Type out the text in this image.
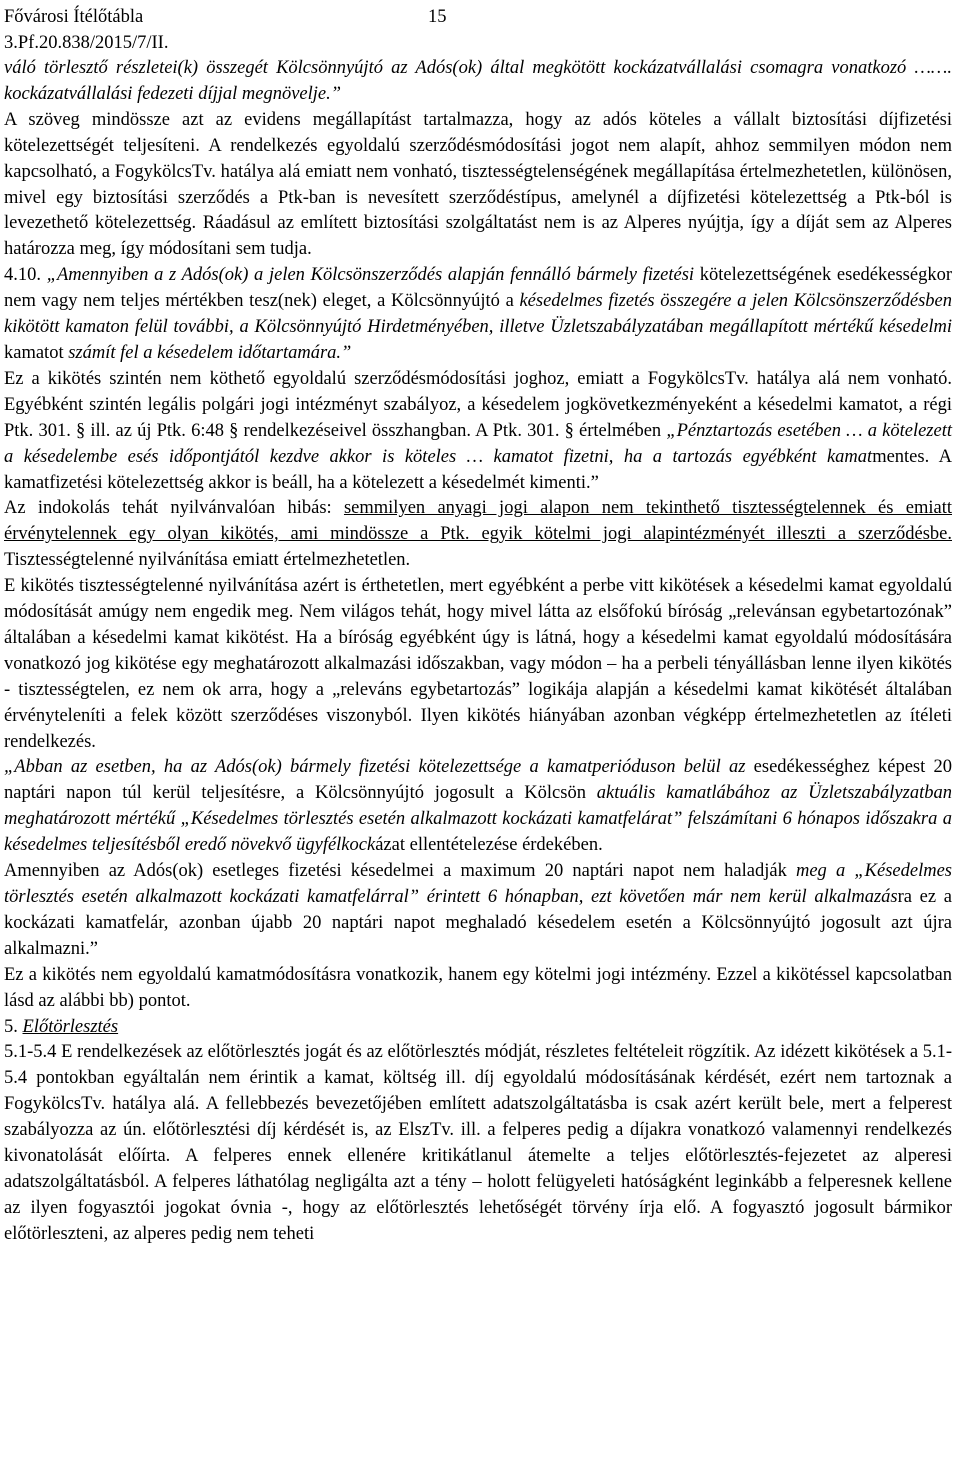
Fővárosi Ítélőtábla	15
3.Pf.20.838/2015/7/II.

váló törlesztő részletei(k) összegét Kölcsönnyújtó az Adós(ok) által megkötött kockázatvállalási csomagra vonatkozó ……. kockázatvállalási fedezeti díjjal megnöveljе.”

A szöveg mindössze azt az evidens megállapítást tartalmazza, hogy az adós köteles a vállalt biztosítási díjfizetési kötelezettségét teljesíteni. A rendelkezés egyoldalú szerződésmódosítási jogot nem alapít, ahhoz semmilyen módon nem kapcsolható, a FogykölcsTv. hatálya alá emiatt nem vonható, tisztességtelenségének megállapítása értelmezhetetlen, különösen, mivel egy biztosítási szerződés a Ptk-ban is nevesített szerződéstípus, amelynél a díjfizetési kötelezettség a Ptk-ból is levezethető kötelezettség. Ráadásul az említett biztosítási szolgáltatást nem is az Alperes nyújtja, így a díját sem az Alperes határozza meg, így módosítani sem tudja.

4.10. „Amennyiben a z Adós(ok) a jelen Kölcsönszerződés alapján fennálló bármely fizetési kötelezettségének esedékességkor nem vagy nem teljes mértékben tesz(nek) eleget, a Kölcsönnyújtó a késedelmes fizetés összegére a jelen Kölcsönszerződésben kikötött kamaton felül további, a Kölcsönnyújtó Hirdetményében, illetve Üzletszabályzatában megállapított mértékű késedelmi kamatot számít fel a késedelem időtartamára.”

Ez a kikötés szintén nem köthető egyoldalú szerződésmódosítási joghoz, emiatt a FogykölcsTv. hatálya alá nem vonható. Egyébként szintén legális polgári jogi intézményt szabályoz, a késedelem jogkövetkezményeként a késedelmi kamatot, a régi Ptk. 301. § ill. az új Ptk. 6:48 § rendelkezéseivel összhangban. A Ptk. 301. § értelmében „Pénztartozás esetében … a kötelezett a késedelembe esés időpontjától kezdve akkor is köteles … kamatot fizetni, ha a tartozás egyébként kamatmentes. A kamatfizetési kötelezettség akkor is beáll, ha a kötelezett a késedelmét kimenti.”

Az indokolás tehát nyilvánvalóan hibás: semmilyen anyagi jogi alapon nem tekinthető tisztességtelennek és emiatt érvénytelennek egy olyan kikötés, ami mindössze a Ptk. egyik kötelmi jogi alapintézményét illeszti a szerződésbe. Tisztességtelenné nyilvánítása emiatt értelmezhetetlen.

E kikötés tisztességtelenné nyilvánítása azért is érthetetlen, mert egyébként a perbe vitt kikötések a késedelmi kamat egyoldalú módosítását amúgy nem engedik meg. Nem világos tehát, hogy mivel látta az elsőfokú bíróság „relevánsan egybetartozónak” általában a késedelmi kamat kikötést. Ha a bíróság egyébként úgy is látná, hogy a késedelmi kamat egyoldalú módosítására vonatkozó jog kikötése egy meghatározott alkalmazási időszakban, vagy módon – ha a perbeli tényállásban lenne ilyen kikötés - tisztességtelen, ez nem ok arra, hogy a „releváns egybetartozás” logikája alapján a késedelmi kamat kikötését általában érvényteleníti a felek között szerződéses viszonyból. Ilyen kikötés hiányában azonban végképp értelmezhetetlen az ítéleti rendelkezés.

„Abban az esetben, ha az Adós(ok) bármely fizetési kötelezettsége a kamatperióduson belül az esedékességhez képest 20 naptári napon túl kerül teljesítésre, a Kölcsönnyújtó jogosult a Kölcsön aktuális kamatlábához az Üzletszabályzatban meghatározott mértékű „Késedelmes törlesztés esetén alkalmazott kockázati kamatfelárat” felszámítani 6 hónapos időszakra a késedelmes teljesítésből eredő növekvő ügyfélkockázat ellentételezése érdekében.

Amennyiben az Adós(ok) esetleges fizetési késedelmei a maximum 20 naptári napot nem haladják meg a „Késedelmes törlesztés esetén alkalmazott kockázati kamatfelárral” érintett 6 hónapban, ezt követően már nem kerül alkalmazásra ez a kockázati kamatfelár, azonban újabb 20 naptári napot meghaladó késedelem esetén a Kölcsönnyújtó jogosult azt újra alkalmazni.”

Ez a kikötés nem egyoldalú kamatmódosításra vonatkozik, hanem egy kötelmi jogi intézmény. Ezzel a kikötéssel kapcsolatban lásd az alábbi bb) pontot.

5. Előtörlesztés

5.1-5.4 E rendelkezések az előtörlesztés jogát és az előtörlesztés módját, részletes feltételeit rögzítik. Az idézett kikötések a 5.1-5.4 pontokban egyáltalán nem érintik a kamat, költség ill. díj egyoldalú módosításának kérdését, ezért nem tartoznak a FogykölcsTv. hatálya alá. A fellebbezés bevezetőjében említett adatszolgáltatásba is csak azért került bele, mert a felperest szabályozza az ún. előtörlesztési díj kérdését is, az ElszTv. ill. a felperes pedig a díjakra vonatkozó valamennyi rendelkezés kivonatolását előírta. A felperes ennek ellenére kritikátlanul átemelte a teljes előtörlesztés-fejezetet az alperesi adatszolgáltatásból. A felperes láthatólag negligálta azt a tény – holott felügyeleti hatóságként leginkább a felperesnek kellene az ilyen fogyasztói jogokat óvnia -, hogy az előtörlesztés lehetőségét törvény írja elő. A fogyasztó jogosult bármikor előtörleszteni, az alperes pedig nem teheti
